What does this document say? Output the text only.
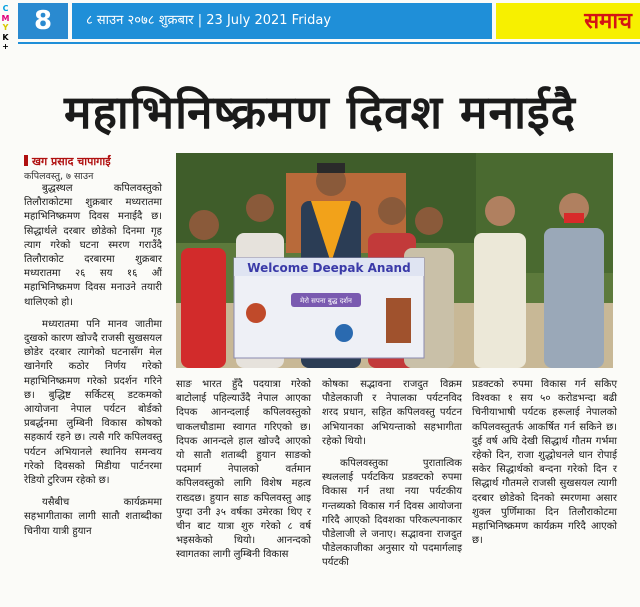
C
M
Y
K
+
8	८ साउन २०७८ शुक्रबार | 23 July 2021 Friday	समाच
महाभिनिष्क्रमण दिवश मनाईदै
खग प्रसाद चापागाईं
कपिलवस्तु, ७ साउन

बुद्धस्थल कपिलवस्तुको तिलौराकोटमा शुक्रबार मध्यरातमा महाभिनिष्क्रमण दिवस मनाईदै छ। सिद्धार्थले दरबार छोडेको दिनमा गृह त्याग गरेको घटना स्मरण गराउँदै तिलौराकोट दरबारमा शुक्रबार मध्यरातमा २६ सय १६ औं महाभिनिष्क्रमण दिवस मनाउने तयारी थालिएको हो।

मध्यरातमा पनि मानव जातीमा दुखको कारण खोज्दै राजसी सुखसयल छोडेर दरबार त्यागेको घटनासँग मेल खानेगरि कठोर निर्णय गरेको महाभिनिष्क्रमण गरेको प्रदर्शन गरिने छ। बुद्धिष्ट सर्किटस् डटकमको आयोजना नेपाल पर्यटन बोर्डको प्रबर्द्धनमा लुम्बिनी विकास कोषको सहकार्य रहने छ। त्यसै गरि कपिलवस्तु पर्यटन अभियानले स्थानिय समन्वय गरेको दिवसको मिडीया पार्टनरमा रेडियो टुरिजम रहेको छ।

यसैबीच कार्यक्रममा सहभागीताका लागी सातौ शताब्दीका चिनीया यात्री हुयान

Welcome Deepak Anand
मेरो सपना बुद्ध दर्शन

साङ भारत हुँदै पदयात्रा गरेको बाटोलाई पहिल्याउँदै नेपाल आएका दिपक आनन्दलाई कपिलवस्तुको चाकलचौडामा स्वागत गरिएको छ। दिपक आनन्दले हाल खोज्दै आएको यो सातौ शताब्दी हुयान साङको पदमार्ग नेपालको वर्तमान कपिलवस्तुको लागि विशेष महत्व राख्दछ। हुयान साङ कपिलवस्तु आइ पुग्दा उनी ३५ वर्षका उमेरका थिए र चीन बाट यात्रा शुरु गरेको ८ वर्ष भइसकेको थियो। आनन्दको स्वागतका लागी लुम्बिनी विकास

कोषका सद्भावना राजदुत विक्रम पौडेलकाजी र नेपालका पर्यटनविद शरद प्रधान, सहित कपिलवस्तु पर्यटन अभियानका अभियन्ताको सहभागीता रहेको थियो।

कपिलवस्तुका पुरातात्विक स्थललाई पर्यटकिय प्रडक्टको रुपमा विकास गर्न तथा नया पर्यटकीय गन्तब्यको विकास गर्न दिवस आयोजना गरिदै आएको दिवशका परिकल्पनाकार पौडेलाजी ले जनाए। सद्भावना राजदुत पौडेलकाजीका अनुसार यो पदमार्गलाइ पर्यटकी

प्रडक्टको रुपमा विकास गर्न सकिए विश्वका १ सय ५० करोडभन्दा बढी चिनीयाभाषी पर्यटक हरूलाई नेपालको कपिलवस्तुतर्फ आकर्षित गर्न सकिने छ। दुई वर्ष अघि देखी सिद्धार्थ गौतम गर्भमा रहेको दिन, राजा शुद्धोधनले धान रोपाई सकेर सिद्धार्थको बन्दना गरेको दिन र सिद्धार्थ गौतमले राजसी सुखसयल त्यागी दरबार छोडेको दिनको स्मरणमा असार शुक्ल पुर्णिमाका दिन तिलौराकोटमा महाभिनिष्क्रमण कार्यक्रम गरिदै आएको छ।
